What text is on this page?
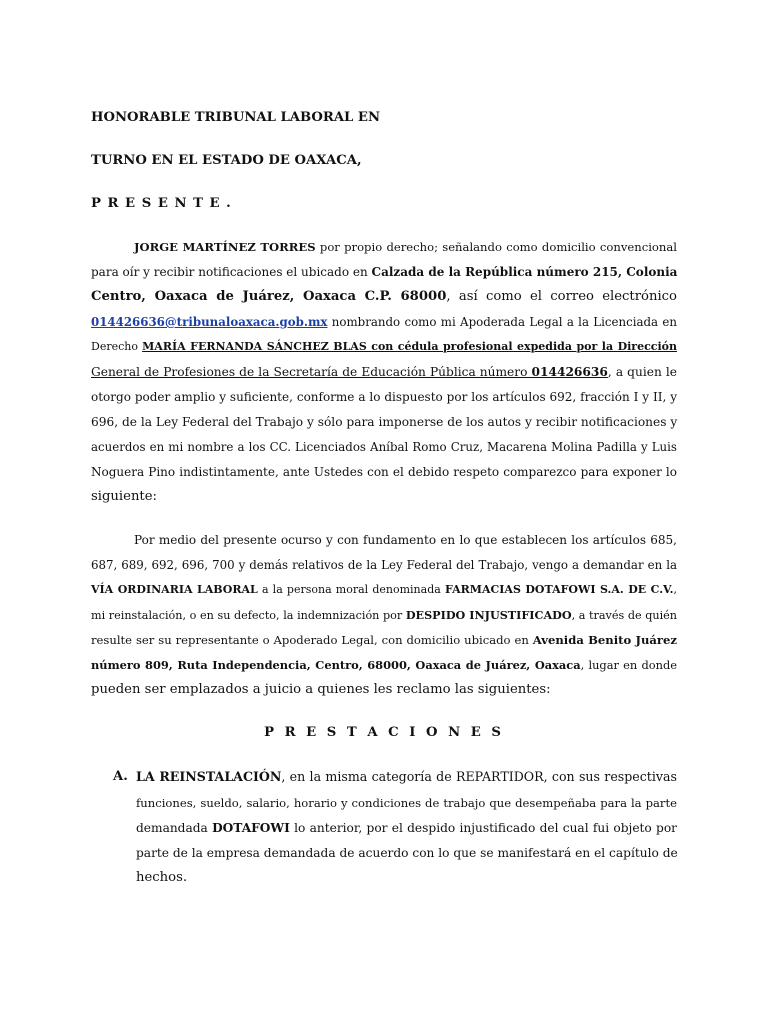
HONORABLE TRIBUNAL LABORAL EN
TURNO EN EL ESTADO DE OAXACA,
P R E S E N T E .
JORGE MARTÍNEZ TORRES por propio derecho; señalando como domicilio convencional
para oír y recibir notificaciones el ubicado en Calzada de la República número 215, Colonia
Centro, Oaxaca de Juárez, Oaxaca C.P. 68000, así como el correo electrónico
014426636@tribunaloaxaca.gob.mx nombrando como mi Apoderada Legal a la Licenciada en
Derecho MARÍA FERNANDA SÁNCHEZ BLAS con cédula profesional expedida por la Dirección
General de Profesiones de la Secretaría de Educación Pública número 014426636, a quien le
otorgo poder amplio y suficiente, conforme a lo dispuesto por los artículos 692, fracción I y II, y
696, de la Ley Federal del Trabajo y sólo para imponerse de los autos y recibir notificaciones y
acuerdos en mi nombre a los CC. Licenciados Aníbal Romo Cruz, Macarena Molina Padilla y Luis
Noguera Pino indistintamente, ante Ustedes con el debido respeto comparezco para exponer lo
siguiente:
Por medio del presente ocurso y con fundamento en lo que establecen los artículos 685,
687, 689, 692, 696, 700 y demás relativos de la Ley Federal del Trabajo, vengo a demandar en la
VÍA ORDINARIA LABORAL a la persona moral denominada FARMACIAS DOTAFOWI S.A. DE C.V.,
mi reinstalación, o en su defecto, la indemnización por DESPIDO INJUSTIFICADO, a través de quién
resulte ser su representante o Apoderado Legal, con domicilio ubicado en Avenida Benito Juárez
número 809, Ruta Independencia, Centro, 68000, Oaxaca de Juárez, Oaxaca, lugar en donde
pueden ser emplazados a juicio a quienes les reclamo las siguientes:
P R E S T A C I O N E S
A. LA REINSTALACIÓN, en la misma categoría de REPARTIDOR, con sus respectivas
funciones, sueldo, salario, horario y condiciones de trabajo que desempeñaba para la parte
demandada DOTAFOWI lo anterior, por el despido injustificado del cual fui objeto por
parte de la empresa demandada de acuerdo con lo que se manifestará en el capítulo de
hechos.
